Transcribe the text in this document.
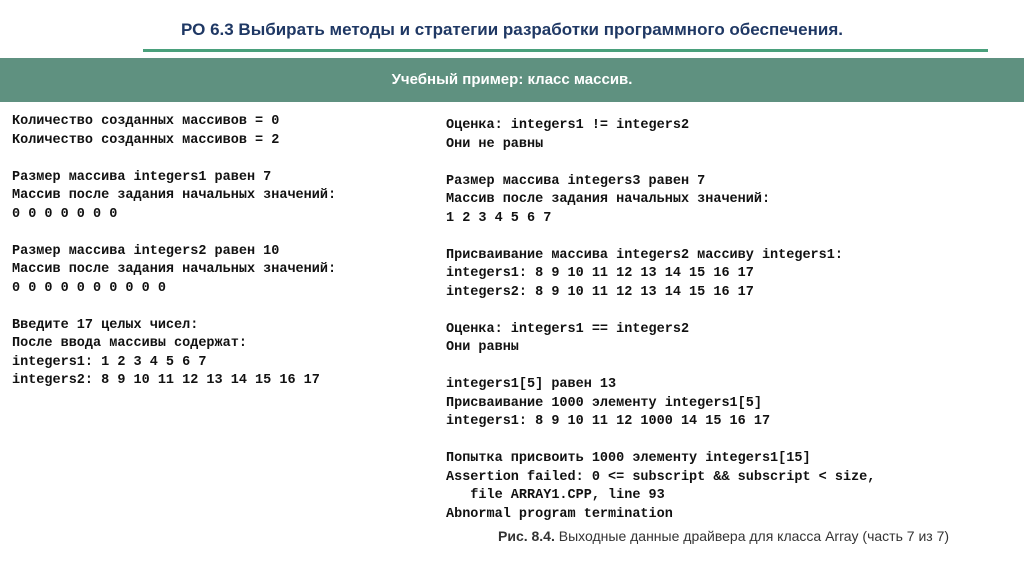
РО 6.3 Выбирать методы и стратегии разработки программного обеспечения.
Учебный пример: класс массив.
Количество созданных массивов = 0
Количество созданных массивов = 2
Размер массива integers1 равен 7
Массив после задания начальных значений:
0 0 0 0 0 0 0
Размер массива integers2 равен 10
Массив после задания начальных значений:
0 0 0 0 0 0 0 0 0 0
Введите 17 целых чисел:
После ввода массивы содержат:
integers1: 1 2 3 4 5 6 7
integers2: 8 9 10 11 12 13 14 15 16 17
Оценка: integers1 != integers2
Они не равны
Размер массива integers3 равен 7
Массив после задания начальных значений:
1 2 3 4 5 6 7
Присваивание массива integers2 массиву integers1:
integers1: 8 9 10 11 12 13 14 15 16 17
integers2: 8 9 10 11 12 13 14 15 16 17
Оценка: integers1 == integers2
Они равны
integers1[5] равен 13
Присваивание 1000 элементу integers1[5]
integers1: 8 9 10 11 12 1000 14 15 16 17
Попытка присвоить 1000 элементу integers1[15]
Assertion failed: 0 <= subscript && subscript < size,
file ARRAY1.CPP, line 93
Abnormal program termination
Рис. 8.4. Выходные данные драйвера для класса Array (часть 7 из 7)
